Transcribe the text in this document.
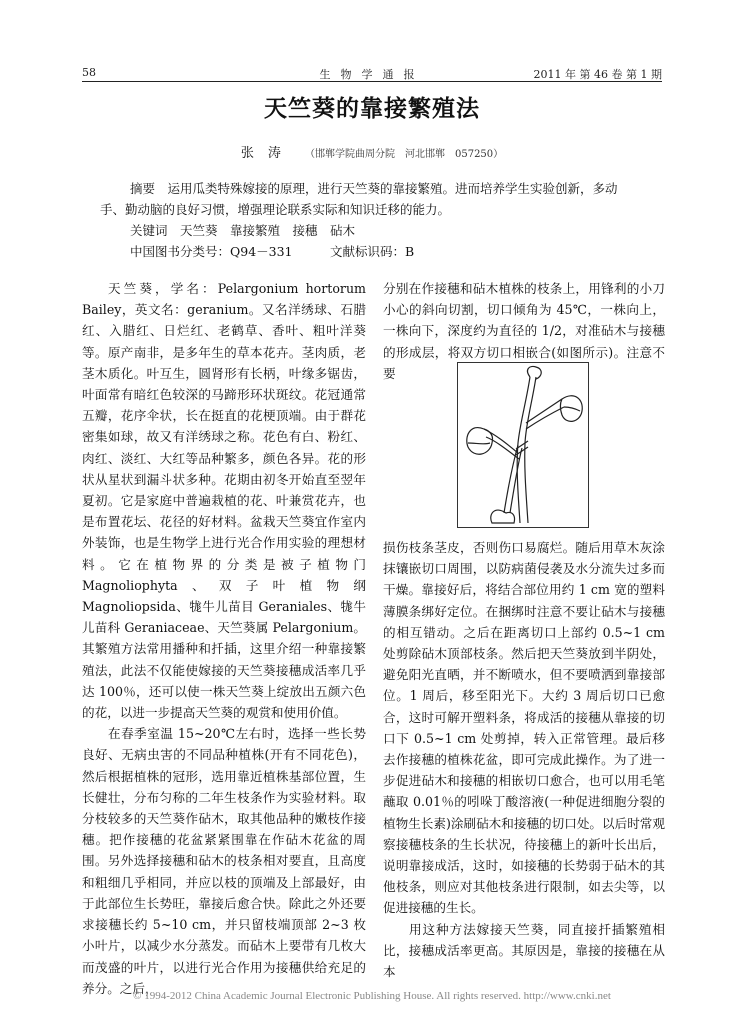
58	生物学通报	2011 年 第 46 卷 第 1 期
天竺葵的靠接繁殖法
张涛 （邯郸学院曲周分院　河北邯郸　057250）

摘要　运用瓜类特殊嫁接的原理，进行天竺葵的靠接繁殖。进而培养学生实验创新，多动

手、勤动脑的良好习惯，增强理论联系实际和知识迁移的能力。

关键词　天竺葵　靠接繁殖　接穗　砧木

中国图书分类号：Q94－331　　　文献标识码：B

天竺葵，学名：Pelargonium hortorum Bailey，英文名：geranium。又名洋绣球、石腊红、入腊红、日烂红、老鹤草、香叶、粗叶洋葵等。原产南非，是多年生的草本花卉。茎肉质，老茎木质化。叶互生，圆肾形有长柄，叶缘多锯齿，叶面常有暗红色较深的马蹄形环状斑纹。花冠通常五瓣，花序伞状，长在挺直的花梗顶端。由于群花密集如球，故又有洋绣球之称。花色有白、粉红、肉红、淡红、大红等品种繁多，颜色各异。花的形状从星状到漏斗状多种。花期由初冬开始直至翌年夏初。它是家庭中普遍栽植的花、叶兼赏花卉，也是布置花坛、花径的好材料。盆栽天竺葵宜作室内外装饰，也是生物学上进行光合作用实验的理想材料。它在植物界的分类是被子植物门 Magnoliophyta、双子叶植物纲 Magnoliopsida、牻牛儿苗目 Geraniales、牻牛儿苗科 Geraniaceae、天竺葵属 Pelargonium。其繁殖方法常用播种和扦插，这里介绍一种靠接繁殖法，此法不仅能使嫁接的天竺葵接穗成活率几乎达 100％，还可以使一株天竺葵上绽放出五颜六色的花，以进一步提高天竺葵的观赏和使用价值。

在春季室温 15~20℃左右时，选择一些长势良好、无病虫害的不同品种植株(开有不同花色)，然后根据植株的冠形，选用靠近植株基部位置，生长健壮，分布匀称的二年生枝条作为实验材料。取分枝较多的天竺葵作砧木，取其他品种的嫩枝作接穗。把作接穗的花盆紧紧围靠在作砧木花盆的周围。另外选择接穗和砧木的枝条相对要直，且高度和粗细几乎相同，并应以枝的顶端及上部最好，由于此部位生长势旺，靠接后愈合快。除此之外还要求接穗长约 5~10 cm，并只留枝端顶部 2~3 枚小叶片，以减少水分蒸发。而砧木上要带有几枚大而茂盛的叶片，以进行光合作用为接穗供给充足的养分。之后，

分别在作接穗和砧木植株的枝条上，用锋利的小刀小心的斜向切割，切口倾角为 45℃，一株向上，一株向下，深度约为直径的 1/2，对准砧木与接穗的形成层，将双方切口相嵌合(如图所示)。注意不要

损伤枝条茎皮，否则伤口易腐烂。随后用草木灰涂抹镶嵌切口周围，以防病菌侵袭及水分流失过多而干燥。靠接好后，将结合部位用约 1 cm 宽的塑料薄膜条绑好定位。在捆绑时注意不要让砧木与接穗的相互错动。之后在距离切口上部约 0.5~1 cm 处剪除砧木顶部枝条。然后把天竺葵放到半阴处，避免阳光直晒，并不断喷水，但不要喷洒到靠接部位。1 周后，移至阳光下。大约 3 周后切口已愈合，这时可解开塑料条，将成活的接穗从靠接的切口下 0.5~1 cm 处剪掉，转入正常管理。最后移去作接穗的植株花盆，即可完成此操作。为了进一步促进砧木和接穗的相嵌切口愈合，也可以用毛笔蘸取 0.01％的吲哚丁酸溶液(一种促进细胞分裂的植物生长素)涂刷砧木和接穗的切口处。以后时常观察接穗枝条的生长状况，待接穗上的新叶长出后，说明靠接成活，这时，如接穗的长势弱于砧木的其他枝条，则应对其他枝条进行限制，如去尖等，以促进接穗的生长。

用这种方法嫁接天竺葵，同直接扦插繁殖相比，接穗成活率更高。其原因是，靠接的接穗在从本

© 1994-2012 China Academic Journal Electronic Publishing House. All rights reserved. http://www.cnki.net
